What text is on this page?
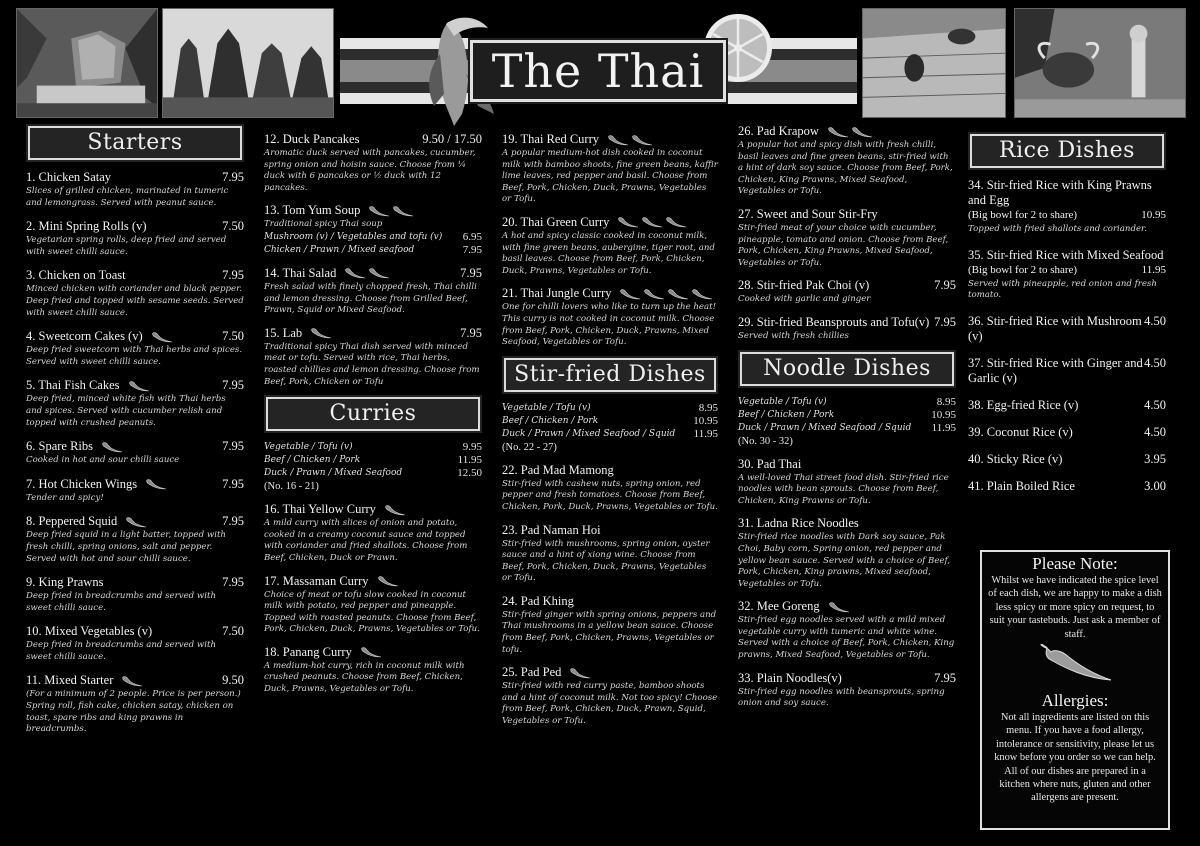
The Thai
Starters
1. Chicken Satay	7.95
Slices of grilled chicken, marinated in tumeric and lemongrass. Served with peanut sauce.
2. Mini Spring Rolls (v)	7.50
Vegetarian spring rolls, deep fried and served with sweet chilli sauce.
3. Chicken on Toast	7.95
Minced chicken with coriander and black pepper. Deep fried and topped with sesame seeds. Served with sweet chilli sauce.
4. Sweetcorn Cakes (v)	7.50
Deep fried sweetcorn with Thai herbs and spices. Served with sweet chilli sauce.
5. Thai Fish Cakes	7.95
Deep fried, minced white fish with Thai herbs and spices. Served with cucumber relish and topped with crushed peanuts.
6. Spare Ribs	7.95
Cooked in hot and sour chilli sauce
7. Hot Chicken Wings	7.95
Tender and spicy!
8. Peppered Squid	7.95
Deep fried squid in a light batter, topped with fresh chilli, spring onions, salt and pepper. Served with hot and sour chilli sauce.
9. King Prawns	7.95
Deep fried in breadcrumbs and served with sweet chilli sauce.
10. Mixed Vegetables (v)	7.50
Deep fried in breadcrumbs and served with sweet chilli sauce.
11. Mixed Starter	9.50
(For a minimum of 2 people. Price is per person.) Spring roll, fish cake, chicken satay, chicken on toast, spare ribs and king prawns in breadcrumbs.
12. Duck Pancakes	9.50 / 17.50
Aromatic duck served with pancakes, cucumber, spring onion and hoisin sauce. Choose from ¼ duck with 6 pancakes or ½ duck with 12 pancakes.
13. Tom Yum Soup
Traditional spicy Thai soup
Mushroom (v) / Vegetables and tofu (v) 6.95
Chicken / Prawn / Mixed seafood	7.95
14. Thai Salad	7.95
Fresh salad with finely chopped fresh, Thai chilli and lemon dressing. Choose from Grilled Beef, Prawn, Squid or Mixed Seafood.
15. Lab	7.95
Traditional spicy Thai dish served with minced meat or tofu. Served with rice, Thai herbs, roasted chillies and lemon dressing. Choose from Beef, Pork, Chicken or Tofu
Curries
Vegetable / Tofu (v)	9.95
Beef / Chicken / Pork	11.95
Duck / Prawn / Mixed Seafood	12.50
(No. 16 - 21)
16. Thai Yellow Curry
A mild curry with slices of onion and potato, cooked in a creamy coconut sauce and topped with coriander and fried shallots. Choose from Beef, Chicken, Duck or Prawn.
17. Massaman Curry
Choice of meat or tofu slow cooked in coconut milk with potato, red pepper and pineapple. Topped with roasted peanuts. Choose from Beef, Pork, Chicken, Duck, Prawns, Vegetables or Tofu.
18. Panang Curry
A medium-hot curry, rich in coconut milk with crushed peanuts. Choose from Beef, Chicken, Duck, Prawns, Vegetables or Tofu.
19. Thai Red Curry
A popular medium-hot dish cooked in coconut milk with bamboo shoots, fine green beans, kaffir lime leaves, red pepper and basil. Choose from Beef, Pork, Chicken, Duck, Prawns, Vegetables or Tofu.
20. Thai Green Curry
A hot and spicy classic cooked in coconut milk, with fine green beans, aubergine, tiger root, and basil leaves. Choose from Beef, Pork, Chicken, Duck, Prawns, Vegetables or Tofu.
21. Thai Jungle Curry
One for chilli lovers who like to turn up the heat! This curry is not cooked in coconut milk. Choose from Beef, Pork, Chicken, Duck, Prawns, Mixed Seafood, Vegetables or Tofu.
Stir-fried Dishes
Vegetable / Tofu (v)	8.95
Beef / Chicken / Pork	10.95
Duck / Prawn / Mixed Seafood / Squid 11.95
(No. 22 - 27)
22. Pad Mad Mamong
Stir-fried with cashew nuts, spring onion, red pepper and fresh tomatoes. Choose from Beef, Chicken, Pork, Duck, Prawns, Vegetables or Tofu.
23. Pad Naman Hoi
Stir-fried with mushrooms, spring onion, oyster sauce and a hint of xiong wine. Choose from Beef, Pork, Chicken, Duck, Prawns, Vegetables or Tofu.
24. Pad Khing
Stir-fried ginger with spring onions, peppers and Thai mushrooms in a yellow bean sauce. Choose from Beef, Pork, Chicken, Prawns, Vegetables or tofu.
25. Pad Ped
Stir-fried with red curry paste, bamboo shoots and a hint of coconut milk. Not too spicy! Choose from Beef, Pork, Chicken, Duck, Prawn, Squid, Vegetables or Tofu.
26. Pad Krapow
A popular hot and spicy dish with fresh chilli, basil leaves and fine green beans, stir-fried with a hint of dark soy sauce. Choose from Beef, Pork, Chicken, King Prawns, Mixed Seafood, Vegetables or Tofu.
27. Sweet and Sour Stir-Fry
Stir-fried meat of your choice with cucumber, pineapple, tomato and onion. Choose from Beef, Pork, Chicken, King Prawns, Mixed Seafood, Vegetables or Tofu.
28. Stir-fried Pak Choi (v)	7.95
Cooked with garlic and ginger
29. Stir-fried Beansprouts and Tofu(v) 7.95
Served with fresh chillies
Noodle Dishes
Vegetable / Tofu (v)	8.95
Beef / Chicken / Pork	10.95
Duck / Prawn / Mixed Seafood / Squid 11.95
(No. 30 - 32)
30. Pad Thai
A well-loved Thai street food dish. Stir-fried rice noodles with bean sprouts. Choose from Beef, Chicken, King Prawns or Tofu.
31. Ladna Rice Noodles
Stir-fried rice noodles with Dark soy sauce, Pak Choi, Baby corn, Spring onion, red pepper and yellow bean sauce. Served with a choice of Beef, Pork, Chicken, King prawns, Mixed seafood, Vegetables or Tofu.
32. Mee Goreng
Stir-fried egg noodles served with a mild mixed vegetable curry with tumeric and white wine. Served with a choice of Beef, Pork, Chicken, King prawns, Mixed Seafood, Vegetables or Tofu.
33. Plain Noodles(v)	7.95
Stir-fried egg noodles with beansprouts, spring onion and soy sauce.
Rice Dishes
34. Stir-fried Rice with King Prawns and Egg
(Big bowl for 2 to share)	10.95
Topped with fried shallots and coriander.
35. Stir-fried Rice with Mixed Seafood
(Big bowl for 2 to share)	11.95
Served with pineapple, red onion and fresh tomato.
36. Stir-fried Rice with Mushroom (v)
4.50
37. Stir-fried Rice with Ginger and Garlic (v)
4.50
38. Egg-fried Rice (v)	4.50
39. Coconut Rice (v)	4.50
40. Sticky Rice (v)	3.95
41. Plain Boiled Rice	3.00
Please Note:
Whilst we have indicated the spice level of each dish, we are happy to make a dish less spicy or more spicy on request, to suit your tastebuds. Just ask a member of staff.
Allergies:
Not all ingredients are listed on this menu. If you have a food allergy, intolerance or sensitivity, please let us know before you order so we can help. All of our dishes are prepared in a kitchen where nuts, gluten and other allergens are present.
